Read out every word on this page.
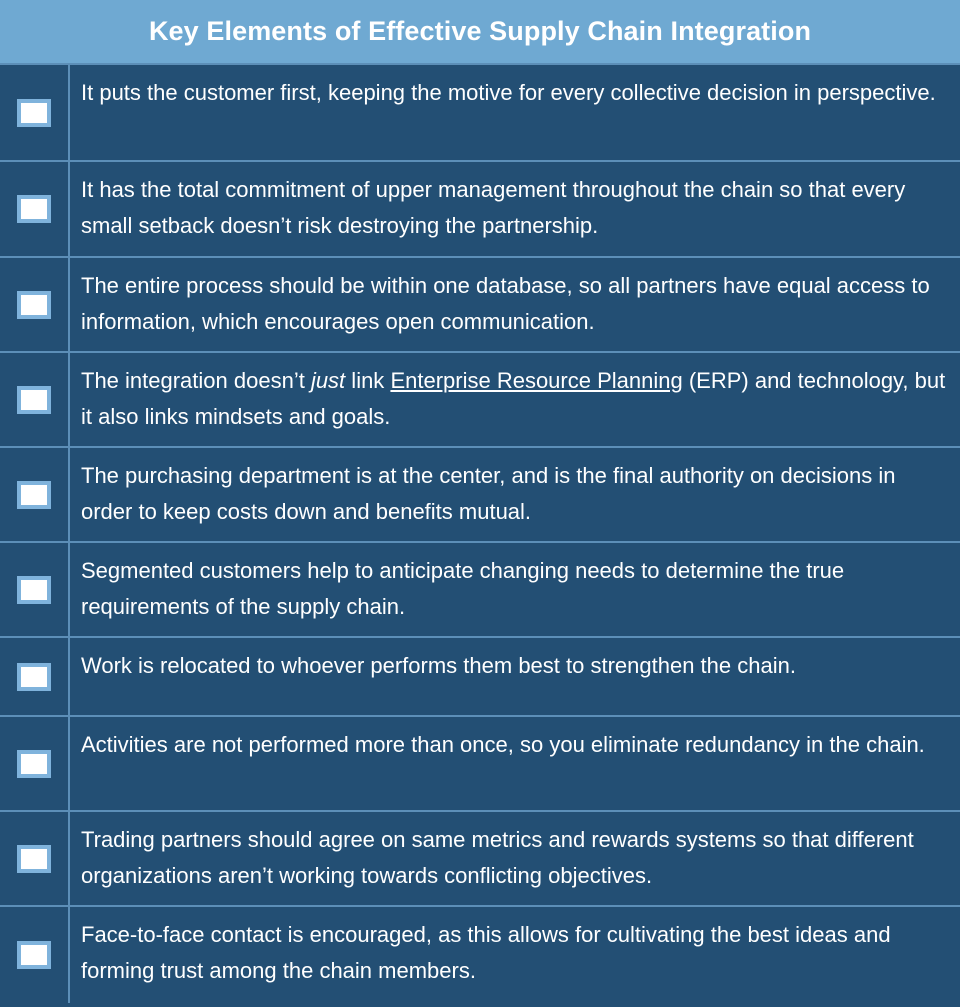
Key Elements of Effective Supply Chain Integration
It puts the customer first, keeping the motive for every collective decision in perspective.
It has the total commitment of upper management throughout the chain so that every small setback doesn’t risk destroying the partnership.
The entire process should be within one database, so all partners have equal access to information, which encourages open communication.
The integration doesn’t just link Enterprise Resource Planning (ERP) and technology, but it also links mindsets and goals.
The purchasing department is at the center, and is the final authority on decisions in order to keep costs down and benefits mutual.
Segmented customers help to anticipate changing needs to determine the true requirements of the supply chain.
Work is relocated to whoever performs them best to strengthen the chain.
Activities are not performed more than once, so you eliminate redundancy in the chain.
Trading partners should agree on same metrics and rewards systems so that different organizations aren’t working towards conflicting objectives.
Face-to-face contact is encouraged, as this allows for cultivating the best ideas and forming trust among the chain members.
